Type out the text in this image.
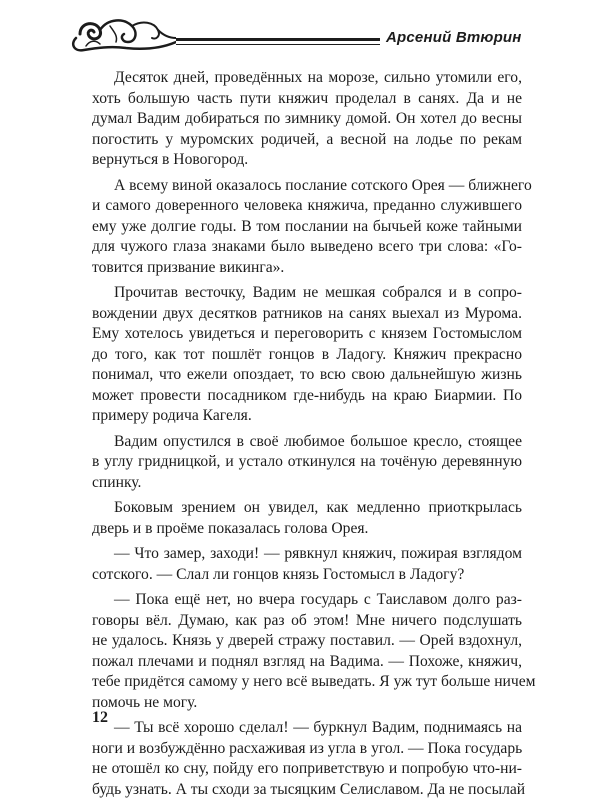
Арсений Втюрин

Десяток дней, проведённых на морозе, сильно утомили его,
хоть большую часть пути княжич проделал в санях. Да и не
думал Вадим добираться по зимнику домой. Он хотел до весны
погостить у муромских родичей, а весной на лодье по рекам
вернуться в Новогород.

А всему виной оказалось послание сотского Орея — ближнего
и самого доверенного человека княжича, преданно служившего
ему уже долгие годы. В том послании на бычьей коже тайными
для чужого глаза знаками было выведено всего три слова: «Го-
товится призвание викинга».

Прочитав весточку, Вадим не мешкая собрался и в сопро-
вождении двух десятков ратников на санях выехал из Мурома.
Ему хотелось увидеться и переговорить с князем Гостомыслом
до того, как тот пошлёт гонцов в Ладогу. Княжич прекрасно
понимал, что ежели опоздает, то всю свою дальнейшую жизнь
может провести посадником где-нибудь на краю Биармии. По
примеру родича Кагеля.

Вадим опустился в своё любимое большое кресло, стоящее
в углу гридницкой, и устало откинулся на точёную деревянную
спинку.

Боковым зрением он увидел, как медленно приоткрылась
дверь и в проёме показалась голова Орея.

— Что замер, заходи! — рявкнул княжич, пожирая взглядом
сотского. — Слал ли гонцов князь Гостомысл в Ладогу?

— Пока ещё нет, но вчера государь с Таиславом долго раз-
говоры вёл. Думаю, как раз об этом! Мне ничего подслушать
не удалось. Князь у дверей стражу поставил. — Орей вздохнул,
пожал плечами и поднял взгляд на Вадима. — Похоже, княжич,
тебе придётся самому у него всё выведать. Я уж тут больше ничем
помочь не могу.

— Ты всё хорошо сделал! — буркнул Вадим, поднимаясь на
ноги и возбуждённо расхаживая из угла в угол. — Пока государь
не отошёл ко сну, пойду его поприветствую и попробую что-ни-
будь узнать. А ты сходи за тысяцким Селиславом. Да не посылай

12
